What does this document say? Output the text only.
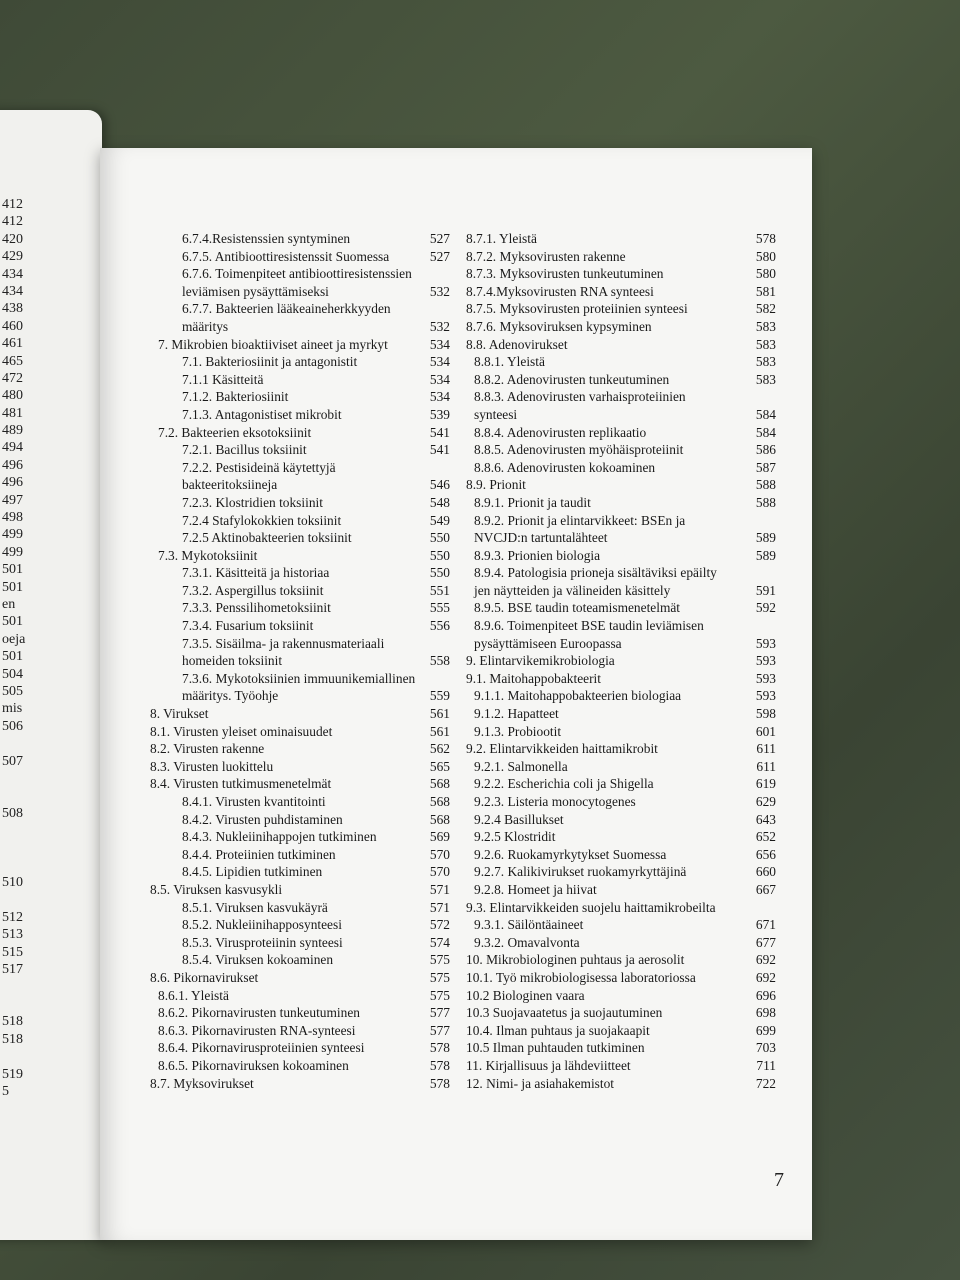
412
412
420
429
434
434
438
460
461
465
472
480
481
489
494
496
496
497
498
499
499
501
501
en
501
oeja
501
504
505
mis
506
507
508
510
512
513
515
517
518
518
519
5
6.7.4.Resistenssien syntyminen	527
6.7.5. Antibioottiresistenssit Suomessa	527
6.7.6. Toimenpiteet antibioottiresistenssien
leviämisen pysäyttämiseksi	532
6.7.7. Bakteerien lääkeaineherkkyyden
määritys	532
7. Mikrobien bioaktiiviset aineet ja myrkyt	534
7.1. Bakteriosiinit ja antagonistit	534
7.1.1 Käsitteitä	534
7.1.2. Bakteriosiinit	534
7.1.3. Antagonistiset mikrobit	539
7.2. Bakteerien eksotoksiinit	541
7.2.1. Bacillus toksiinit	541
7.2.2. Pestisideinä käytettyjä
bakteeritoksiineja	546
7.2.3. Klostridien toksiinit	548
7.2.4 Stafylokokkien toksiinit	549
7.2.5 Aktinobakteerien toksiinit	550
7.3. Mykotoksiinit	550
7.3.1. Käsitteitä ja historiaa	550
7.3.2. Aspergillus toksiinit	551
7.3.3. Penssilihometoksiinit	555
7.3.4. Fusarium toksiinit	556
7.3.5. Sisäilma- ja rakennusmateriaali
homeiden toksiinit	558
7.3.6. Mykotoksiinien immuunikemiallinen
määritys. Työohje	559
8. Virukset	561
8.1. Virusten yleiset ominaisuudet	561
8.2. Virusten rakenne	562
8.3. Virusten luokittelu	565
8.4. Virusten tutkimusmenetelmät	568
8.4.1. Virusten kvantitointi	568
8.4.2. Virusten puhdistaminen	568
8.4.3. Nukleiinihappojen tutkiminen	569
8.4.4. Proteiinien tutkiminen	570
8.4.5. Lipidien tutkiminen	570
8.5. Viruksen kasvusykli	571
8.5.1. Viruksen kasvukäyrä	571
8.5.2. Nukleiinihapposynteesi	572
8.5.3. Virusproteiinin synteesi	574
8.5.4. Viruksen kokoaminen	575
8.6. Pikornavirukset	575
8.6.1. Yleistä	575
8.6.2. Pikornavirusten tunkeutuminen	577
8.6.3. Pikornavirusten RNA-synteesi	577
8.6.4. Pikornavirusproteiinien synteesi	578
8.6.5. Pikornaviruksen kokoaminen	578
8.7. Myksovirukset	578
8.7.1. Yleistä	578
8.7.2. Myksovirusten rakenne	580
8.7.3. Myksovirusten tunkeutuminen	580
8.7.4.Myksovirusten RNA synteesi	581
8.7.5. Myksovirusten proteiinien synteesi	582
8.7.6. Myksoviruksen kypsyminen	583
8.8. Adenovirukset	583
8.8.1. Yleistä	583
8.8.2. Adenovirusten tunkeutuminen	583
8.8.3. Adenovirusten varhaisproteiinien
synteesi	584
8.8.4. Adenovirusten replikaatio	584
8.8.5. Adenovirusten myöhäisproteiinit	586
8.8.6. Adenovirusten kokoaminen	587
8.9. Prionit	588
8.9.1. Prionit ja taudit	588
8.9.2. Prionit ja elintarvikkeet: BSEn ja
NVCJD:n tartuntalähteet	589
8.9.3. Prionien biologia	589
8.9.4. Patologisia prioneja sisältäviksi epäilty
jen näytteiden ja välineiden käsittely	591
8.9.5. BSE taudin toteamismenetelmät	592
8.9.6. Toimenpiteet BSE taudin leviämisen
pysäyttämiseen Euroopassa	593
9. Elintarvikemikrobiologia	593
9.1. Maitohappobakteerit	593
9.1.1. Maitohappobakteerien biologiaa	593
9.1.2. Hapatteet	598
9.1.3. Probiootit	601
9.2. Elintarvikkeiden haittamikrobit	611
9.2.1. Salmonella	611
9.2.2. Escherichia coli ja Shigella	619
9.2.3. Listeria monocytogenes	629
9.2.4 Basillukset	643
9.2.5 Klostridit	652
9.2.6. Ruokamyrkytykset Suomessa	656
9.2.7. Kalikivirukset ruokamyrkyttäjinä	660
9.2.8. Homeet ja hiivat	667
9.3. Elintarvikkeiden suojelu haittamikrobeilta
9.3.1. Säilöntäaineet	671
9.3.2. Omavalvonta	677
10. Mikrobiologinen puhtaus ja aerosolit	692
10.1. Työ mikrobiologisessa laboratoriossa	692
10.2 Biologinen vaara	696
10.3 Suojavaatetus ja suojautuminen	698
10.4. Ilman puhtaus ja suojakaapit	699
10.5 Ilman puhtauden tutkiminen	703
11. Kirjallisuus ja lähdeviitteet	711
12. Nimi- ja asiahakemistot	722
7
